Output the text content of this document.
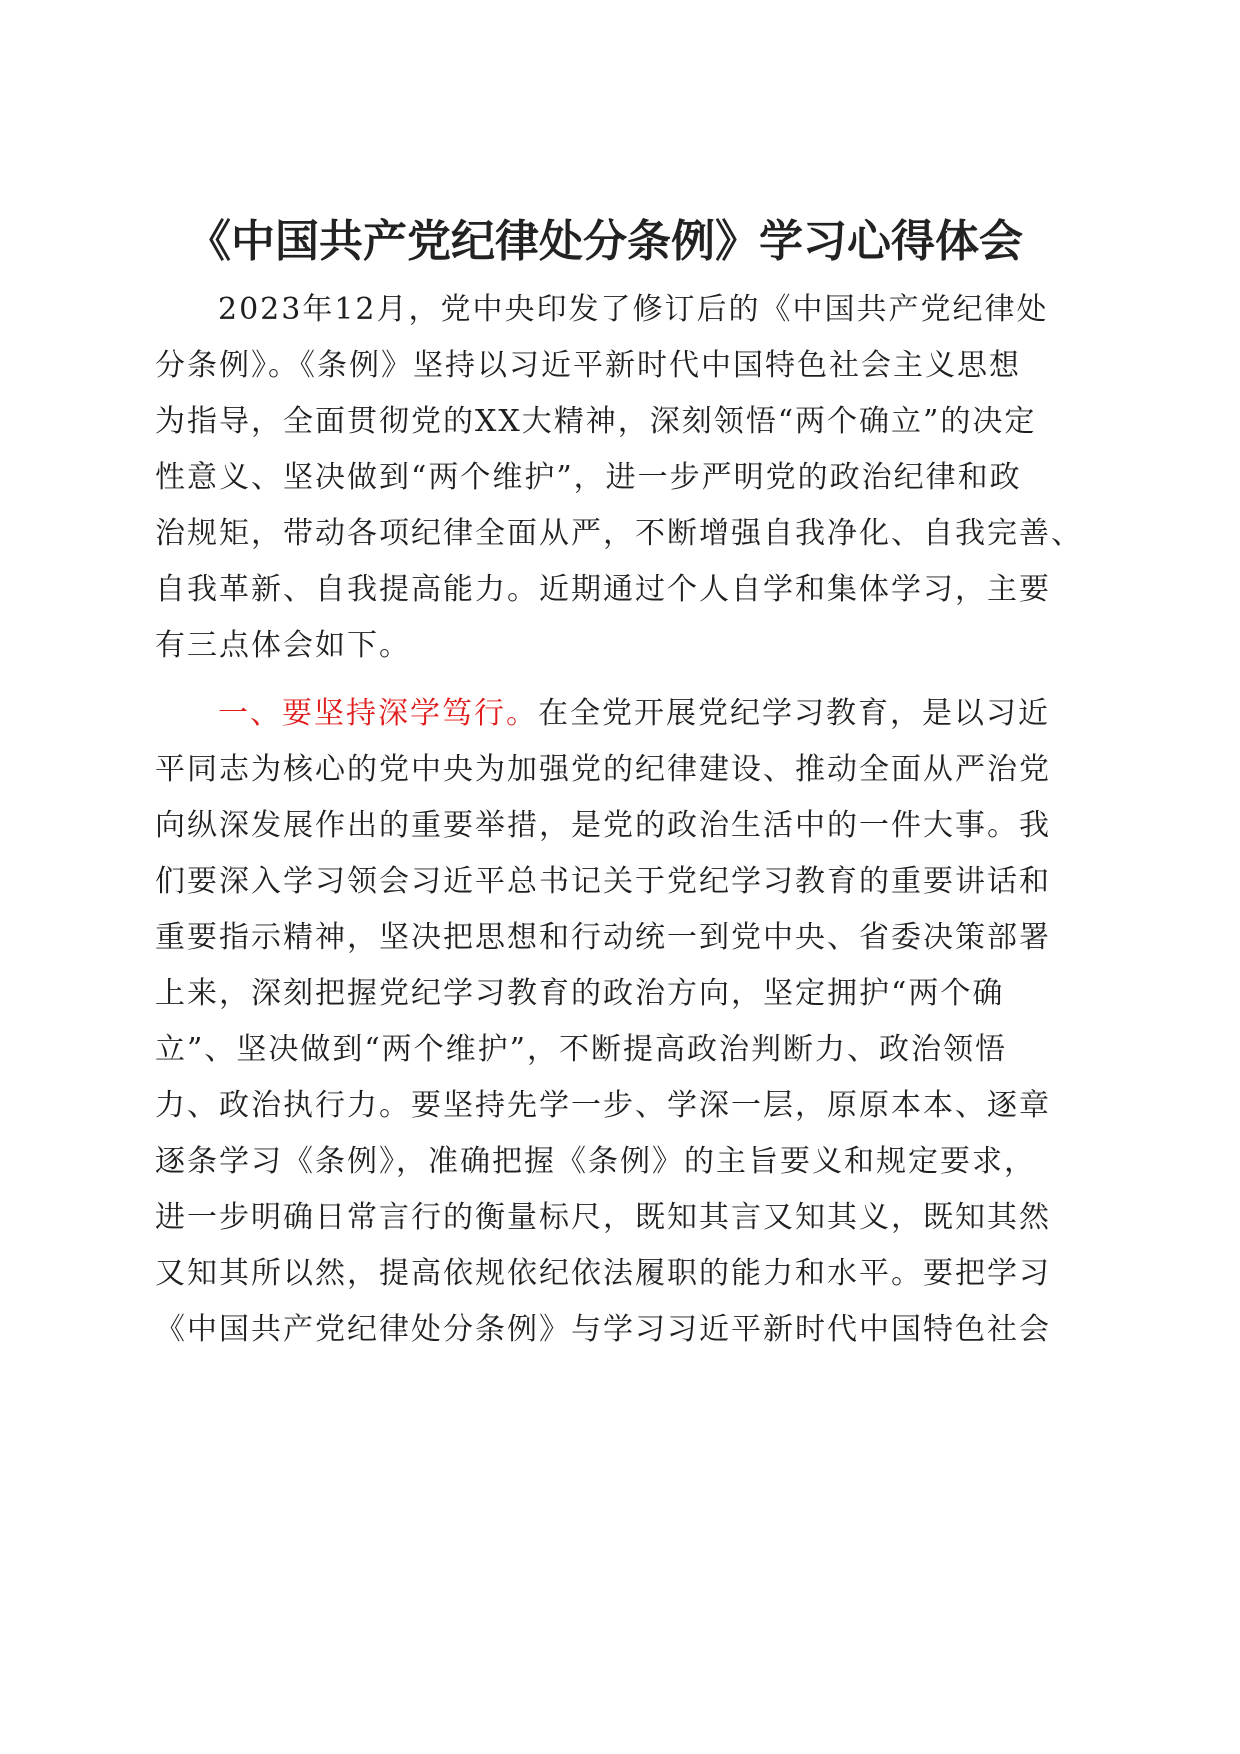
《中国共产党纪律处分条例》学习心得体会
2023年12月，党中央印发了修订后的《中国共产党纪律处
分条例》。《条例》坚持以习近平新时代中国特色社会主义思想
为指导，全面贯彻党的XX大精神，深刻领悟“两个确立”的决定
性意义、坚决做到“两个维护”，进一步严明党的政治纪律和政
治规矩，带动各项纪律全面从严，不断增强自我净化、自我完善、
自我革新、自我提高能力。近期通过个人自学和集体学习，主要
有三点体会如下。
一、要坚持深学笃行。在全党开展党纪学习教育，是以习近
平同志为核心的党中央为加强党的纪律建设、推动全面从严治党
向纵深发展作出的重要举措，是党的政治生活中的一件大事。我
们要深入学习领会习近平总书记关于党纪学习教育的重要讲话和
重要指示精神，坚决把思想和行动统一到党中央、省委决策部署
上来，深刻把握党纪学习教育的政治方向，坚定拥护“两个确
立”、坚决做到“两个维护”，不断提高政治判断力、政治领悟
力、政治执行力。要坚持先学一步、学深一层，原原本本、逐章
逐条学习《条例》，准确把握《条例》的主旨要义和规定要求，
进一步明确日常言行的衡量标尺，既知其言又知其义，既知其然
又知其所以然，提高依规依纪依法履职的能力和水平。要把学习
《中国共产党纪律处分条例》与学习习近平新时代中国特色社会
